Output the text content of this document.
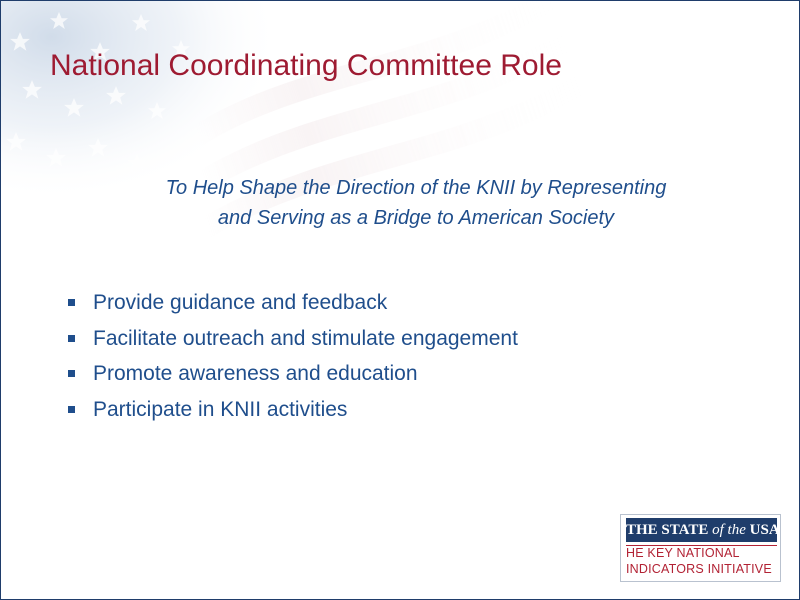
National Coordinating Committee Role
To Help Shape the Direction of the KNII by Representing
and Serving as a Bridge to American Society
Provide guidance and feedback
Facilitate outreach and stimulate engagement
Promote awareness and education
Participate in KNII activities
THE STATE of the USA
HE KEY NATIONAL
INDICATORS INITIATIVE
